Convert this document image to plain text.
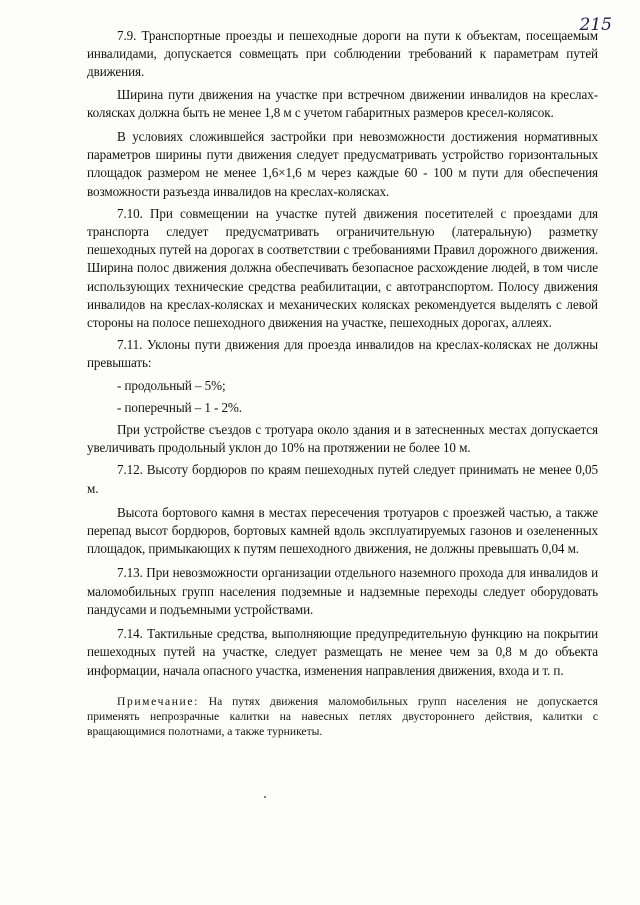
215

7.9. Транспортные проезды и пешеходные дороги на пути к объектам, посещаемым инвалидами, допускается совмещать при соблюдении требований к параметрам путей движения.

Ширина пути движения на участке при встречном движении инвалидов на креслах-колясках должна быть не менее 1,8 м с учетом габаритных размеров кресел-колясок.

В условиях сложившейся застройки при невозможности достижения нормативных параметров ширины пути движения следует предусматривать устройство горизонтальных площадок размером не менее 1,6×1,6 м через каждые 60 - 100 м пути для обеспечения возможности разъезда инвалидов на креслах-колясках.

7.10. При совмещении на участке путей движения посетителей с проездами для транспорта следует предусматривать ограничительную (латеральную) разметку пешеходных путей на дорогах в соответствии с требованиями Правил дорожного движения. Ширина полос движения должна обеспечивать безопасное расхождение людей, в том числе использующих технические средства реабилитации, с автотранспортом. Полосу движения инвалидов на креслах-колясках и механических колясках рекомендуется выделять с левой стороны на полосе пешеходного движения на участке, пешеходных дорогах, аллеях.

7.11. Уклоны пути движения для проезда инвалидов на креслах-колясках не должны превышать:

- продольный – 5%;

- поперечный – 1 - 2%.

При устройстве съездов с тротуара около здания и в затесненных местах допускается увеличивать продольный уклон до 10% на протяжении не более 10 м.

7.12. Высоту бордюров по краям пешеходных путей следует принимать не менее 0,05 м.

Высота бортового камня в местах пересечения тротуаров с проезжей частью, а также перепад высот бордюров, бортовых камней вдоль эксплуатируемых газонов и озелененных площадок, примыкающих к путям пешеходного движения, не должны превышать 0,04 м.

7.13. При невозможности организации отдельного наземного прохода для инвалидов и маломобильных групп населения подземные и надземные переходы следует оборудовать пандусами и подъемными устройствами.

7.14. Тактильные средства, выполняющие предупредительную функцию на покрытии пешеходных путей на участке, следует размещать не менее чем за 0,8 м до объекта информации, начала опасного участка, изменения направления движения, входа и т. п.

Примечание: На путях движения маломобильных групп населения не допускается применять непрозрачные калитки на навесных петлях двустороннего действия, калитки с вращающимися полотнами, а также турникеты.
